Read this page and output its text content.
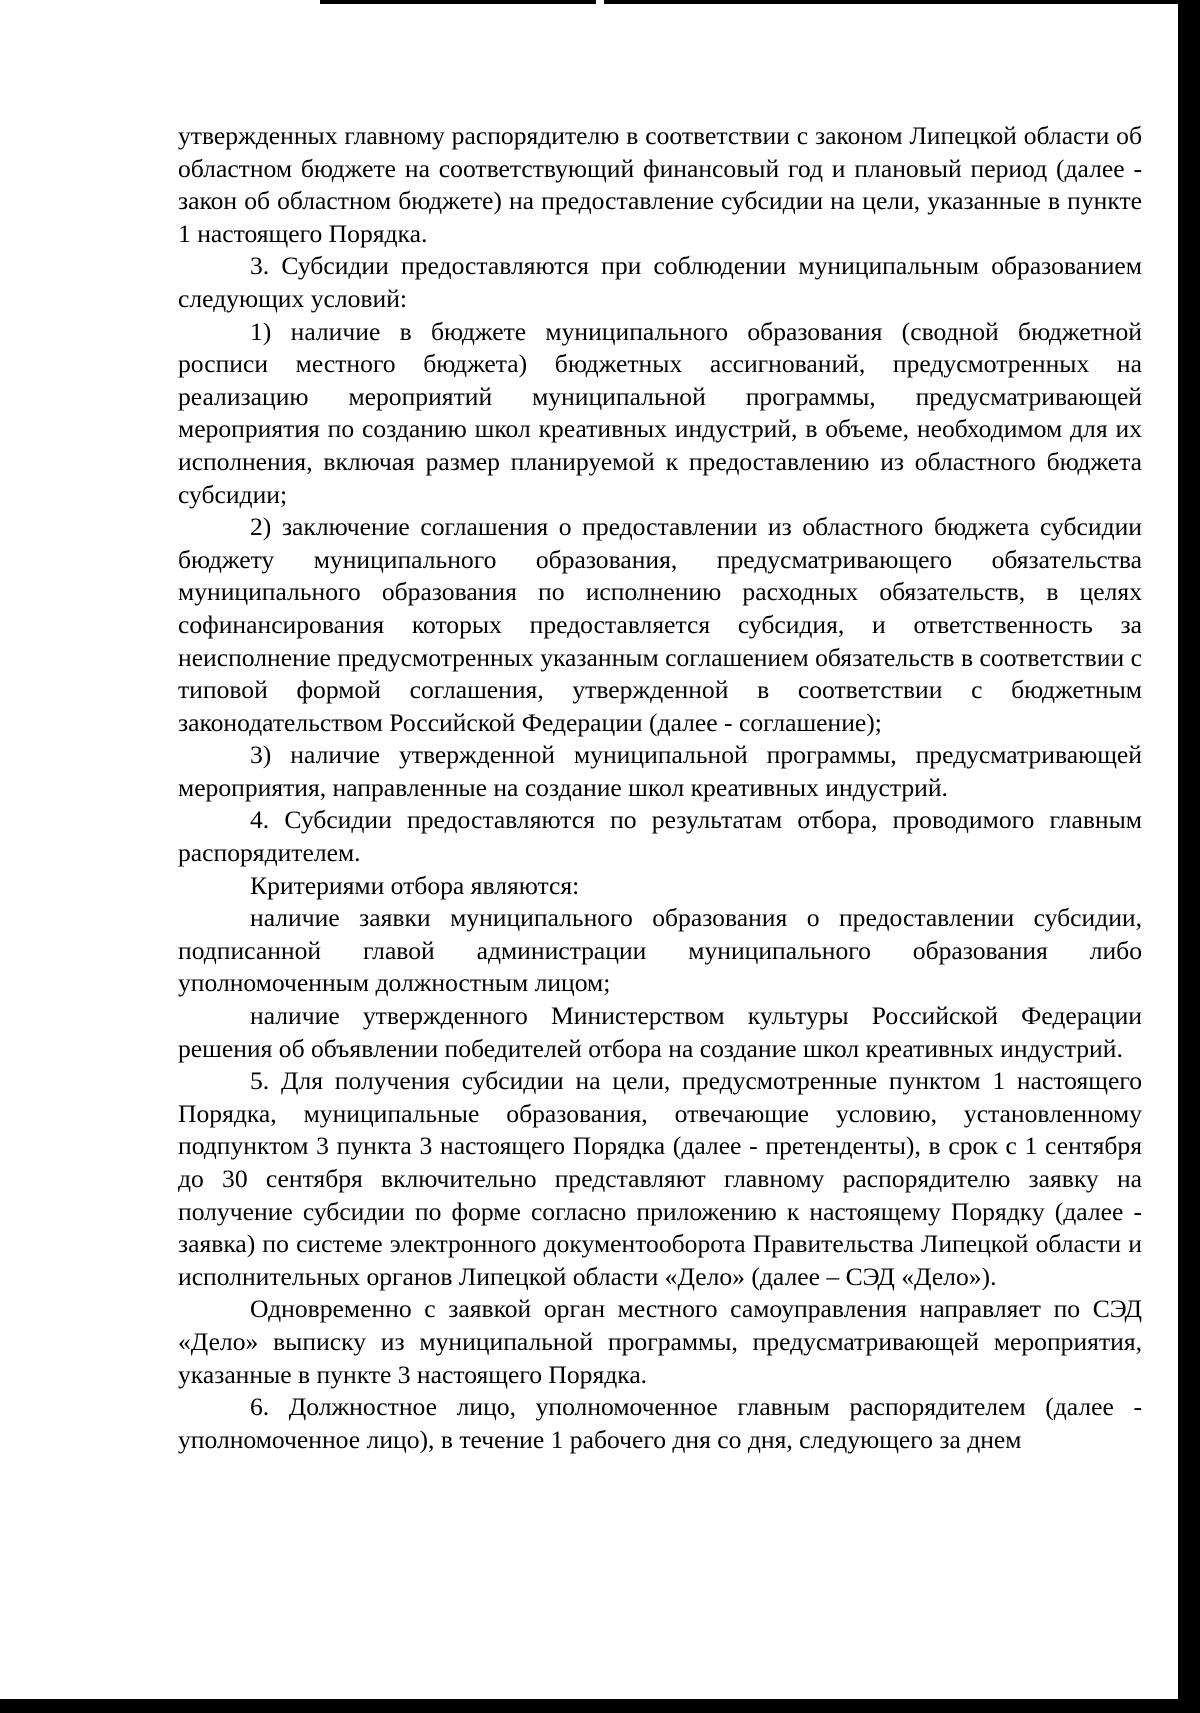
утвержденных главному распорядителю в соответствии с законом Липецкой области об областном бюджете на соответствующий финансовый год и плановый период (далее - закон об областном бюджете) на предоставление субсидии на цели, указанные в пункте 1 настоящего Порядка.

3. Субсидии предоставляются при соблюдении муниципальным образованием следующих условий:

1) наличие в бюджете муниципального образования (сводной бюджетной росписи местного бюджета) бюджетных ассигнований, предусмотренных на реализацию мероприятий муниципальной программы, предусматривающей мероприятия по созданию школ креативных индустрий, в объеме, необходимом для их исполнения, включая размер планируемой к предоставлению из областного бюджета субсидии;

2) заключение соглашения о предоставлении из областного бюджета субсидии бюджету муниципального образования, предусматривающего обязательства муниципального образования по исполнению расходных обязательств, в целях софинансирования которых предоставляется субсидия, и ответственность за неисполнение предусмотренных указанным соглашением обязательств в соответствии с типовой формой соглашения, утвержденной в соответствии с бюджетным законодательством Российской Федерации (далее - соглашение);

3) наличие утвержденной муниципальной программы, предусматривающей мероприятия, направленные на создание школ креативных индустрий.

4. Субсидии предоставляются по результатам отбора, проводимого главным распорядителем.

Критериями отбора являются:

наличие заявки муниципального образования о предоставлении субсидии, подписанной главой администрации муниципального образования либо уполномоченным должностным лицом;

наличие утвержденного Министерством культуры Российской Федерации решения об объявлении победителей отбора на создание школ креативных индустрий.

5. Для получения субсидии на цели, предусмотренные пунктом 1 настоящего Порядка, муниципальные образования, отвечающие условию, установленному подпунктом 3 пункта 3 настоящего Порядка (далее - претенденты), в срок с 1 сентября до 30 сентября включительно представляют главному распорядителю заявку на получение субсидии по форме согласно приложению к настоящему Порядку (далее - заявка) по системе электронного документооборота Правительства Липецкой области и исполнительных органов Липецкой области «Дело» (далее – СЭД «Дело»).

Одновременно с заявкой орган местного самоуправления направляет по СЭД «Дело» выписку из муниципальной программы, предусматривающей мероприятия, указанные в пункте 3 настоящего Порядка.

6. Должностное лицо, уполномоченное главным распорядителем (далее - уполномоченное лицо), в течение 1 рабочего дня со дня, следующего за днем
